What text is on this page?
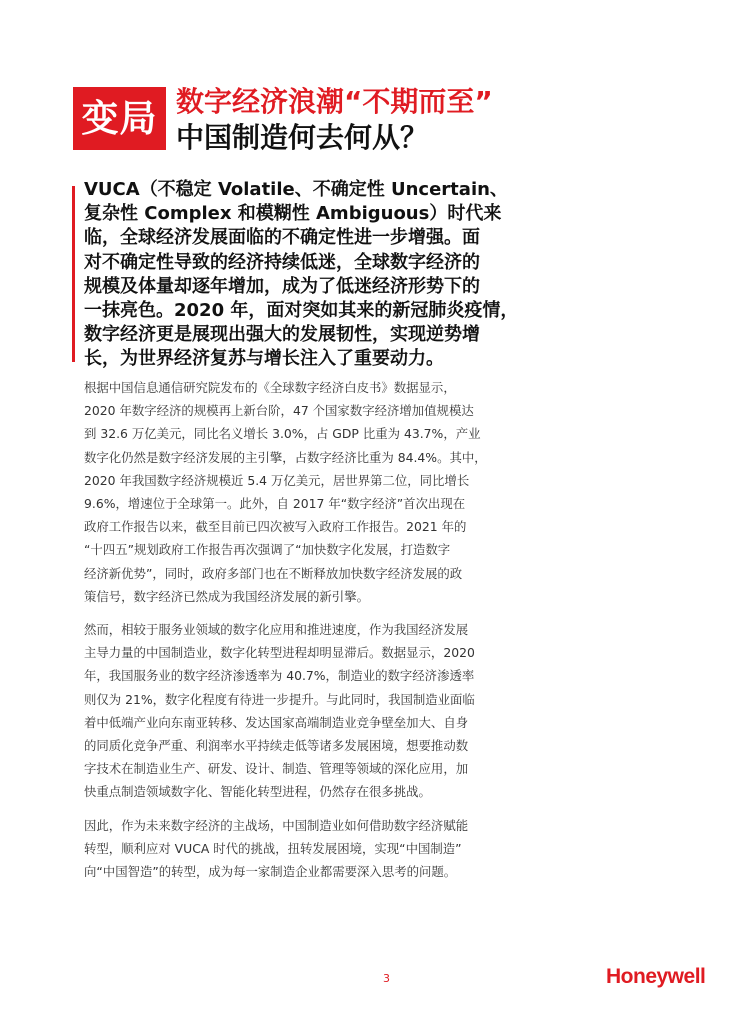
变局 数字经济浪潮“不期而至”
中国制造何去何从？
VUCA（不稳定 Volatile、不确定性 Uncertain、
复杂性 Complex 和模糊性 Ambiguous）时代来
临，全球经济发展面临的不确定性进一步增强。面
对不确定性导致的经济持续低迷，全球数字经济的
规模及体量却逐年增加，成为了低迷经济形势下的
一抹亮色。2020 年，面对突如其来的新冠肺炎疫情，
数字经济更是展现出强大的发展韧性，实现逆势增
长，为世界经济复苏与增长注入了重要动力。
根据中国信息通信研究院发布的《全球数字经济白皮书》数据显示，
2020 年数字经济的规模再上新台阶，47 个国家数字经济增加值规模达
到 32.6 万亿美元，同比名义增长 3.0%，占 GDP 比重为 43.7%，产业
数字化仍然是数字经济发展的主引擎，占数字经济比重为 84.4%。其中，
2020 年我国数字经济规模近 5.4 万亿美元，居世界第二位，同比增长
9.6%，增速位于全球第一。此外，自 2017 年“数字经济”首次出现在
政府工作报告以来，截至目前已四次被写入政府工作报告。2021 年的
“十四五”规划政府工作报告再次强调了“加快数字化发展，打造数字
经济新优势”，同时，政府多部门也在不断释放加快数字经济发展的政
策信号，数字经济已然成为我国经济发展的新引擎。
然而，相较于服务业领域的数字化应用和推进速度，作为我国经济发展
主导力量的中国制造业，数字化转型进程却明显滞后。数据显示，2020
年，我国服务业的数字经济渗透率为 40.7%，制造业的数字经济渗透率
则仅为 21%，数字化程度有待进一步提升。与此同时，我国制造业面临
着中低端产业向东南亚转移、发达国家高端制造业竞争壁垒加大、自身
的同质化竞争严重、利润率水平持续走低等诸多发展困境，想要推动数
字技术在制造业生产、研发、设计、制造、管理等领域的深化应用，加
快重点制造领域数字化、智能化转型进程，仍然存在很多挑战。
因此，作为未来数字经济的主战场，中国制造业如何借助数字经济赋能
转型，顺利应对 VUCA 时代的挑战，扭转发展困境，实现“中国制造”
向“中国智造”的转型，成为每一家制造企业都需要深入思考的问题。
3	Honeywell
